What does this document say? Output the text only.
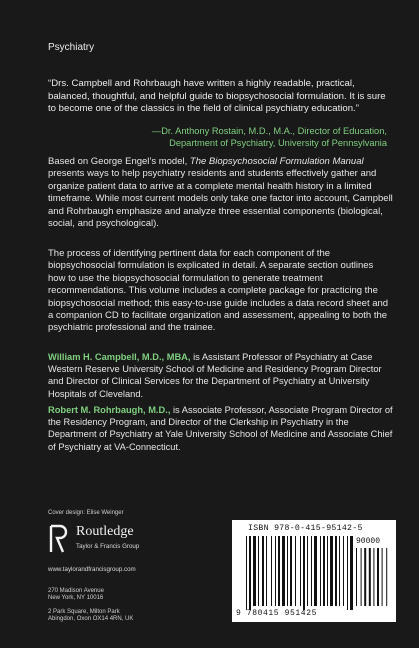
Psychiatry
“Drs. Campbell and Rohrbaugh have written a highly readable, practical, balanced, thoughtful, and helpful guide to biopsychosocial formulation. It is sure to become one of the classics in the field of clinical psychiatry education.”
—Dr. Anthony Rostain, M.D., M.A., Director of Education,
Department of Psychiatry, University of Pennsylvania
Based on George Engel’s model, The Biopsychosocial Formulation Manual presents ways to help psychiatry residents and students effectively gather and organize patient data to arrive at a complete mental health history in a limited timeframe. While most current models only take one factor into account, Campbell and Rohrbaugh emphasize and analyze three essential components (biological, social, and psychological).
The process of identifying pertinent data for each component of the biopsychosocial formulation is explicated in detail. A separate section outlines how to use the biopsychosocial formulation to generate treatment recommendations. This volume includes a complete package for practicing the biopsychosocial method; this easy-to-use guide includes a data record sheet and a companion CD to facilitate organization and assessment, appealing to both the psychiatric professional and the trainee.
William H. Campbell, M.D., MBA, is Assistant Professor of Psychiatry at Case Western Reserve University School of Medicine and Residency Program Director and Director of Clinical Services for the Department of Psychiatry at University Hospitals of Cleveland.
Robert M. Rohrbaugh, M.D., is Associate Professor, Associate Program Director of the Residency Program, and Director of the Clerkship in Psychiatry in the Department of Psychiatry at Yale University School of Medicine and Associate Chief of Psychiatry at VA-Connecticut.
Cover design: Elise Weinger
Routledge
Taylor & Francis Group
www.taylorandfrancisgroup.com
270 Madison Avenue
New York, NY 10016
2 Park Square, Milton Park
Abingdon, Oxon OX14 4RN, UK
ISBN 978-0-415-95142-5
90000
9 780415 951425
